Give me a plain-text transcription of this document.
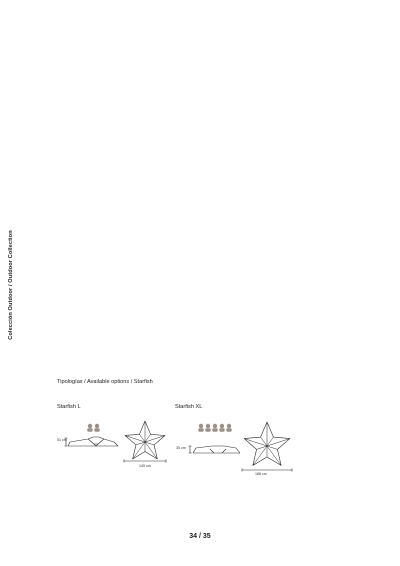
Colección Outdoor / Outdoor Collection
Tipologías / Available options / Starfish
Starfish L	Starfish XL
51 cm
145 cm
35 cm
188 cm
34 / 35
